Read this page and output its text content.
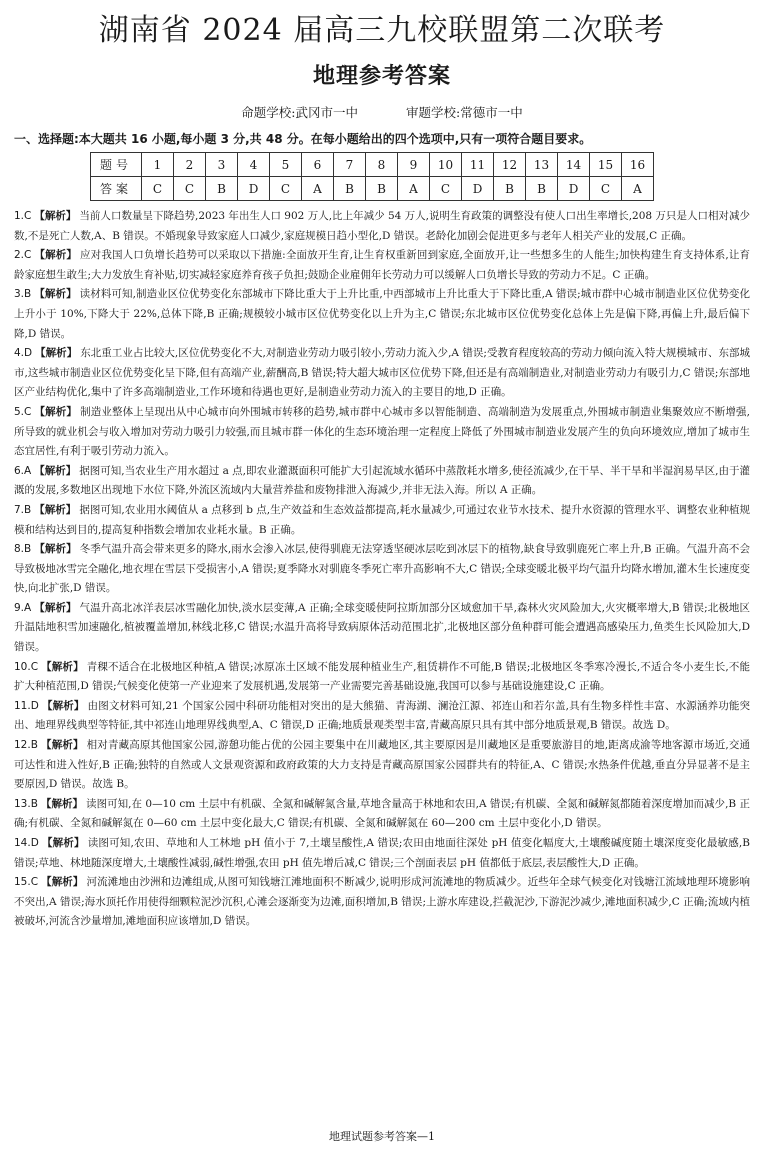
湖南省 2024 届高三九校联盟第二次联考
地理参考答案
命题学校:武冈市一中	审题学校:常德市一中
一、选择题:本大题共 16 小题,每小题 3 分,共 48 分。在每小题给出的四个选项中,只有一项符合题目要求。
题号	1	2	3	4	5	6	7	8	9	10	11	12	13	14	15	16
答案	C	C	B	D	C	A	B	B	A	C	D	B	B	D	C	A
1.C 【解析】 当前人口数量呈下降趋势,2023 年出生人口 902 万人,比上年减少 54 万人,说明生育政策的调整没有使人口出生率增长,208 万只是人口相对减少数,不是死亡人数,A、B 错误。不婚现象导致家庭人口减少,家庭规模日趋小型化,D 错误。老龄化加剧会促进更多与老年人相关产业的发展,C 正确。
2.C 【解析】 应对我国人口负增长趋势可以采取以下措施:全面放开生育,让生育权重新回到家庭,全面放开,让一些想多生的人能生;加快构建生育支持体系,让育龄家庭想生敢生;大力发放生育补贴,切实减轻家庭养育孩子负担;鼓励企业雇佣年长劳动力可以缓解人口负增长导致的劳动力不足。C 正确。
3.B 【解析】 读材料可知,制造业区位优势变化东部城市下降比重大于上升比重,中西部城市上升比重大于下降比重,A 错误;城市群中心城市制造业区位优势变化上升小于 10%,下降大于 22%,总体下降,B 正确;规模较小城市区位优势变化以上升为主,C 错误;东北城市区位优势变化总体上先是偏下降,再偏上升,最后偏下降,D 错误。
4.D 【解析】 东北重工业占比较大,区位优势变化不大,对制造业劳动力吸引较小,劳动力流入少,A 错误;受教育程度较高的劳动力倾向流入特大规模城市、东部城市,这些城市制造业区位优势变化呈下降,但有高端产业,薪酬高,B 错误;特大超大城市区位优势下降,但还是有高端制造业,对制造业劳动力有吸引力,C 错误;东部地区产业结构优化,集中了许多高端制造业,工作环境和待遇也更好,是制造业劳动力流入的主要目的地,D 正确。
5.C 【解析】 制造业整体上呈现出从中心城市向外围城市转移的趋势,城市群中心城市多以智能制造、高端制造为发展重点,外围城市制造业集聚效应不断增强,所导致的就业机会与收入增加对劳动力吸引力较强,而且城市群一体化的生态环境治理一定程度上降低了外围城市制造业发展产生的负向环境效应,增加了城市生态宜居性,有利于吸引劳动力流入。
6.A 【解析】 据图可知,当农业生产用水超过 a 点,即农业灌溉面积可能扩大引起流域水循环中蒸散耗水增多,使径流减少,在干旱、半干旱和半湿润易旱区,由于灌溉的发展,多数地区出现地下水位下降,外流区流域内大量营养盐和废物排泄入海减少,并非无法入海。所以 A 正确。
7.B 【解析】 据图可知,农业用水阈值从 a 点移到 b 点,生产效益和生态效益都提高,耗水量减少,可通过农业节水技术、提升水资源的管理水平、调整农业种植规模和结构达到目的,提高复种指数会增加农业耗水量。B 正确。
8.B 【解析】 冬季气温升高会带来更多的降水,雨水会渗入冰层,使得驯鹿无法穿透坚硬冰层吃到冰层下的植物,缺食导致驯鹿死亡率上升,B 正确。气温升高不会导致极地冰雪完全融化,地衣埋在雪层下受损害小,A 错误;夏季降水对驯鹿冬季死亡率升高影响不大,C 错误;全球变暖北极平均气温升均降水增加,灌木生长速度变快,向北扩张,D 错误。
9.A 【解析】 气温升高北冰洋表层冰雪融化加快,淡水层变薄,A 正确;全球变暖使阿拉斯加部分区域愈加干旱,森林火灾风险加大,火灾概率增大,B 错误;北极地区升温陆地积雪加速融化,植被覆盖增加,林线北移,C 错误;水温升高将导致病原体活动范围北扩,北极地区部分鱼种群可能会遭遇高感染压力,鱼类生长风险加大,D 错误。
10.C 【解析】 青稞不适合在北极地区种植,A 错误;冰原冻土区域不能发展种植业生产,租赁耕作不可能,B 错误;北极地区冬季寒冷漫长,不适合冬小麦生长,不能扩大种植范围,D 错误;气候变化使第一产业迎来了发展机遇,发展第一产业需要完善基础设施,我国可以参与基础设施建设,C 正确。
11.D 【解析】 由图文材料可知,21 个国家公园中科研功能相对突出的是大熊猫、青海湖、澜沧江源、祁连山和若尔盖,具有生物多样性丰富、水源涵养功能突出、地理界线典型等特征,其中祁连山地理界线典型,A、C 错误,D 正确;地质景观类型丰富,青藏高原只具有其中部分地质景观,B 错误。故选 D。
12.B 【解析】 相对青藏高原其他国家公园,游憩功能占优的公园主要集中在川藏地区,其主要原因是川藏地区是重要旅游目的地,距离成渝等地客源市场近,交通可达性和进入性好,B 正确;独特的自然或人文景观资源和政府政策的大力支持是青藏高原国家公园群共有的特征,A、C 错误;水热条件优越,垂直分异显著不是主要原因,D 错误。故选 B。
13.B 【解析】 读图可知,在 0—10 cm 土层中有机碳、全氮和碱解氮含量,草地含量高于林地和农田,A 错误;有机碳、全氮和碱解氮都随着深度增加而减少,B 正确;有机碳、全氮和碱解氮在 0—60 cm 土层中变化最大,C 错误;有机碳、全氮和碱解氮在 60—200 cm 土层中变化小,D 错误。
14.D 【解析】 读图可知,农田、草地和人工林地 pH 值小于 7,土壤呈酸性,A 错误;农田由地面往深处 pH 值变化幅度大,土壤酸碱度随土壤深度变化最敏感,B 错误;草地、林地随深度增大,土壤酸性减弱,碱性增强,农田 pH 值先增后减,C 错误;三个剖面表层 pH 值都低于底层,表层酸性大,D 正确。
15.C 【解析】 河流滩地由沙洲和边滩组成,从图可知钱塘江滩地面积不断减少,说明形成河流滩地的物质减少。近些年全球气候变化对钱塘江流域地理环境影响不突出,A 错误;海水顶托作用使得细颗粒泥沙沉积,心滩会逐渐变为边滩,面积增加,B 错误;上游水库建设,拦截泥沙,下游泥沙减少,滩地面积减少,C 正确;流域内植被破坏,河流含沙量增加,滩地面积应该增加,D 错误。
地理试题参考答案—1
